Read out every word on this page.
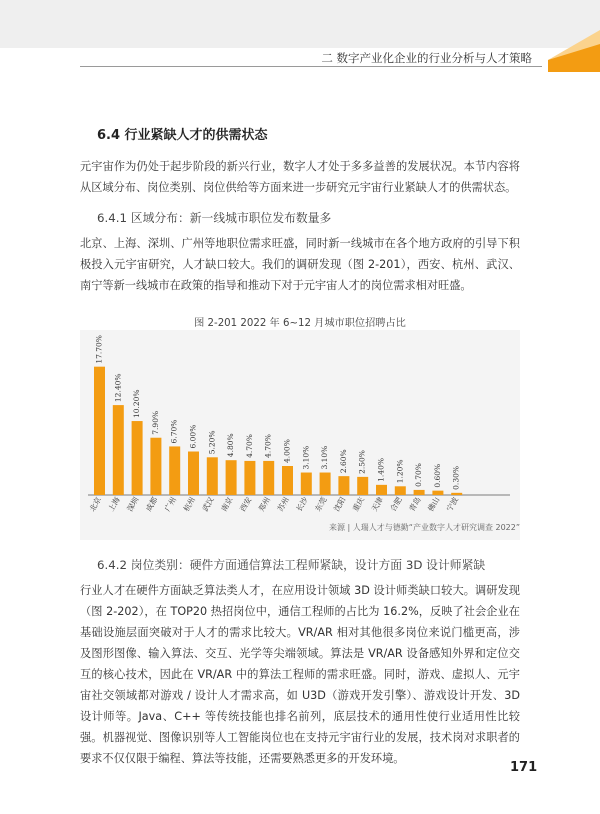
二 数字产业化企业的行业分析与人才策略
6.4 行业紧缺人才的供需状态
元宇宙作为仍处于起步阶段的新兴行业，数字人才处于多多益善的发展状况。本节内容将从区域分布、岗位类别、岗位供给等方面来进一步研究元宇宙行业紧缺人才的供需状态。
6.4.1 区域分布：新一线城市职位发布数量多
北京、上海、深圳、广州等地职位需求旺盛，同时新一线城市在各个地方政府的引导下积极投入元宇宙研究，人才缺口较大。我们的调研发现（图 2-201），西安、杭州、武汉、南宁等新一线城市在政策的指导和推动下对于元宇宙人才的岗位需求相对旺盛。
图 2-201 2022 年 6~12 月城市职位招聘占比
17.70%
北京
12.40%
上海
10.20%
深圳
7.90%
成都
6.70%
广州
6.00%
杭州
5.20%
武汉
4.80%
南京
4.70%
西安
4.70%
郑州
4.00%
苏州
3.10%
长沙
3.10%
东莞
2.60%
沈阳
2.50%
重庆
1.40%
天津
1.20%
合肥
0.70%
青岛
0.60%
佛山
0.30%
宁波
来源 | 人瑞人才与德勤“产业数字人才研究调查 2022”
6.4.2 岗位类别：硬件方面通信算法工程师紧缺，设计方面 3D 设计师紧缺
行业人才在硬件方面缺乏算法类人才，在应用设计领域 3D 设计师类缺口较大。调研发现（图 2-202），在 TOP20 热招岗位中，通信工程师的占比为 16.2%，反映了社会企业在基础设施层面突破对于人才的需求比较大。VR/AR 相对其他很多岗位来说门槛更高，涉及图形图像、输入算法、交互、光学等尖端领域。算法是 VR/AR 设备感知外界和定位交互的核心技术，因此在 VR/AR 中的算法工程师的需求旺盛。同时，游戏、虚拟人、元宇宙社交领域都对游戏 / 设计人才需求高，如 U3D（游戏开发引擎）、游戏设计开发、3D 设计师等。Java、C++ 等传统技能也排名前列，底层技术的通用性使行业适用性比较强。机器视觉、图像识别等人工智能岗位也在支持元宇宙行业的发展，技术岗对求职者的要求不仅仅限于编程、算法等技能，还需要熟悉更多的开发环境。
171
